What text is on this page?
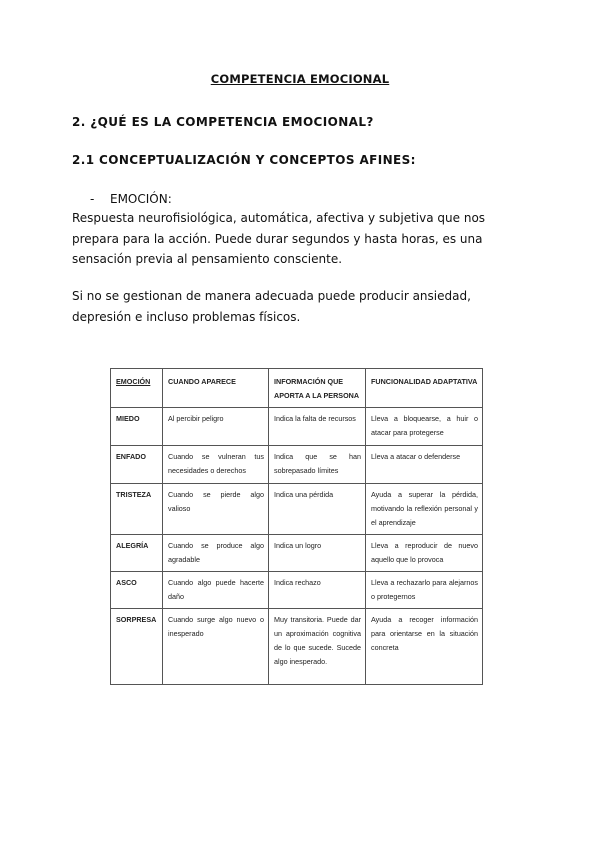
COMPETENCIA EMOCIONAL
2. ¿QUÉ ES LA COMPETENCIA EMOCIONAL?
2.1 CONCEPTUALIZACIÓN Y CONCEPTOS AFINES:
- EMOCIÓN:
Respuesta neurofisiológica, automática, afectiva y subjetiva que nos prepara para la acción. Puede durar segundos y hasta horas, es una sensación previa al pensamiento consciente.
Si no se gestionan de manera adecuada puede producir ansiedad, depresión e incluso problemas físicos.
EMOCIÓN	CUANDO APARECE	INFORMACIÓN QUE APORTA A LA PERSONA	FUNCIONALIDAD ADAPTATIVA
MIEDO	Al percibir peligro	Indica la falta de recursos	Lleva a bloquearse, a huir o atacar para protegerse
ENFADO	Cuando se vulneran tus necesidades o derechos	Indica que se han sobrepasado límites	Lleva a atacar o defenderse
TRISTEZA	Cuando se pierde algo valioso	Indica una pérdida	Ayuda a superar la pérdida, motivando la reflexión personal y el aprendizaje
ALEGRÍA	Cuando se produce algo agradable	Indica un logro	Lleva a reproducir de nuevo aquello que lo provoca
ASCO	Cuando algo puede hacerte daño	Indica rechazo	Lleva a rechazarlo para alejarnos o protegernos
SORPRESA	Cuando surge algo nuevo o inesperado	Muy transitoria. Puede dar un aproximación cognitiva de lo que sucede. Sucede algo inesperado.	Ayuda a recoger información para orientarse en la situación concreta
